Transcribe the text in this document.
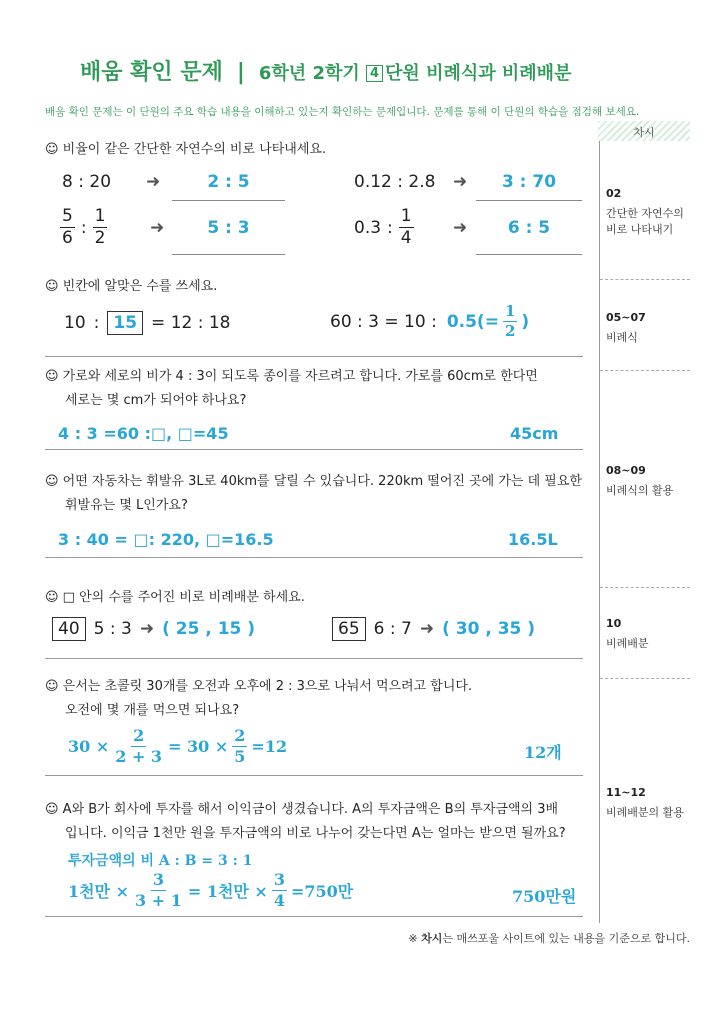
배움 확인 문제 | 6학년 2학기 4 단원 비례식과 비례배분
배움 확인 문제는 이 단원의 주요 학습 내용을 이해하고 있는지 확인하는 문제입니다. 문제를 통해 이 단원의 학습을 점검해 보세요.
차시
02
간단한 자연수의
비로 나타내기
05~07
비례식
08~09
비례식의 활용
10
비례배분
11~12
비례배분의 활용
☺ 비율이 같은 간단한 자연수의 비로 나타내세요.
8 : 20 ➜	2 : 5	0.12 : 2.8 ➜	3 : 70
$\frac{5}{6}$ : $\frac{1}{2}$	➜	5 : 3	0.3 : $\frac{1}{4}$ ➜	6 : 5
☺ 빈칸에 알맞은 수를 쓰세요.
10 : 15 = 12 : 18	60 : 3 = 10 : $0.5(= \frac{1}{2}$ )
☺ 가로와 세로의 비가 4 : 3이 되도록 종이를 자르려고 합니다. 가로를 60cm로 한다면
세로는 몇 cm가 되어야 하나요?
4 : 3 =60 :□, □=45	45cm
☺ 어떤 자동차는 휘발유 3L로 40km를 달릴 수 있습니다. 220km 떨어진 곳에 가는 데 필요한
휘발유는 몇 L인가요?
3 : 40 = □: 220, □=16.5	16.5L
☺ □ 안의 수를 주어진 비로 비례배분 하세요.
40 5 : 3 ➜ ( 25 , 15 )	65 6 : 7 ➜ ( 30 , 35 )
☺ 은서는 초콜릿 30개를 오전과 오후에 2 : 3으로 나눠서 먹으려고 합니다.
오전에 몇 개를 먹으면 되나요?
$30 \times \frac{2}{2 + 3} = 30 \times \frac{2}{5} =12$	12개
☺ A와 B가 회사에 투자를 해서 이익금이 생겼습니다. A의 투자금액은 B의 투자금액의 3배
입니다. 이익금 1천만 원을 투자금액의 비로 나누어 갖는다면 A는 얼마는 받으면 될까요?
투자금액의 비 A : B = 3 : 1
1천만 × $\frac{3}{3 + 1} = 1$천만 × $\frac{3}{4} =750$만	750만원
※ 차시는 매쓰포울 사이트에 있는 내용을 기준으로 합니다.
